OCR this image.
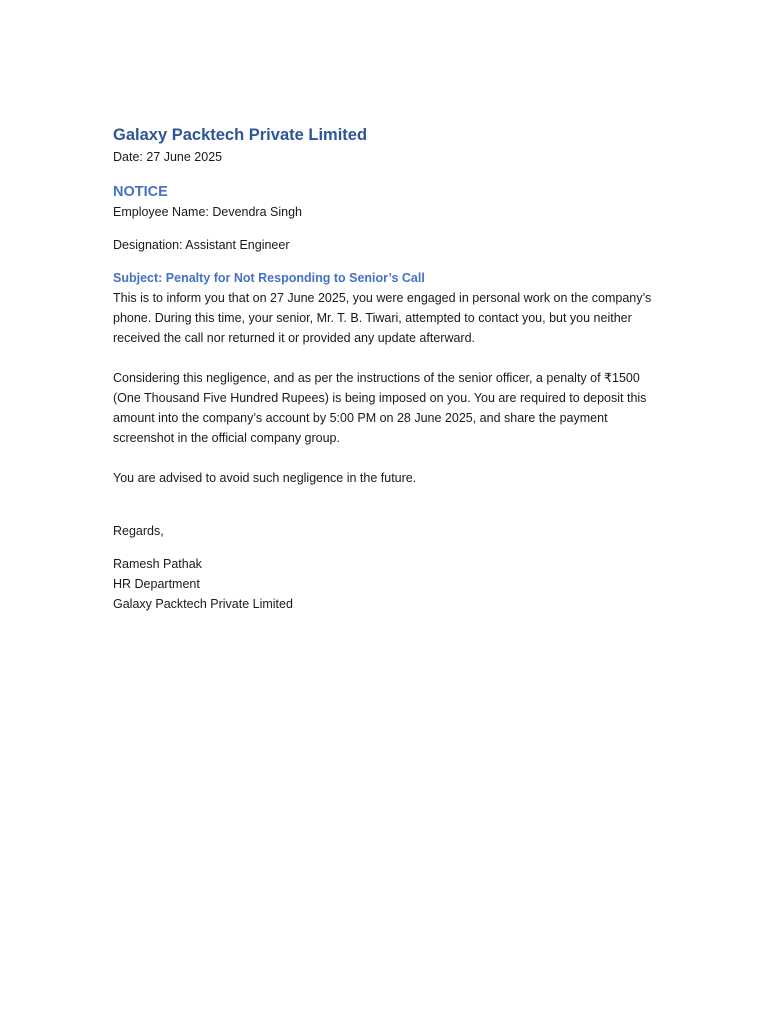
Galaxy Packtech Private Limited

Date: 27 June 2025

NOTICE

Employee Name: Devendra Singh

Designation: Assistant Engineer

Subject: Penalty for Not Responding to Senior’s Call

This is to inform you that on 27 June 2025, you were engaged in personal work on the company’s phone. During this time, your senior, Mr. T. B. Tiwari, attempted to contact you, but you neither received the call nor returned it or provided any update afterward.

Considering this negligence, and as per the instructions of the senior officer, a penalty of ₹1500 (One Thousand Five Hundred Rupees) is being imposed on you. You are required to deposit this amount into the company’s account by 5:00 PM on 28 June 2025, and share the payment screenshot in the official company group.

You are advised to avoid such negligence in the future.

Regards,

Ramesh Pathak

HR Department

Galaxy Packtech Private Limited
